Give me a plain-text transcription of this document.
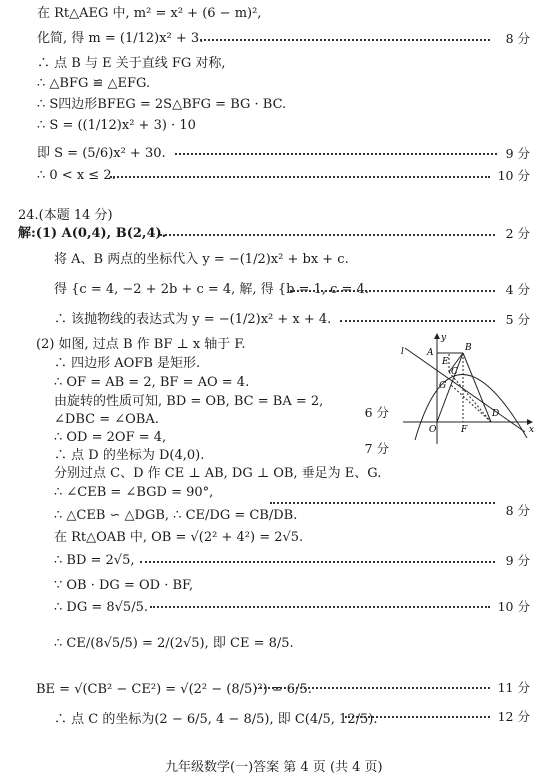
在 Rt△AEG 中, m² = x² + (6 − m)²,
化简, 得 m = (1/12)x² + 3.	8 分
∴ 点 B 与 E 关于直线 FG 对称,
∴ △BFG ≌ △EFG.
∴ S四边形BFEG = 2S△BFG = BG · BC.
∴ S = ((1/12)x² + 3) · 10
即 S = (5/6)x² + 30.	9 分
∴ 0 < x ≤ 2.	10 分
24.(本题 14 分)
解:(1) A(0,4), B(2,4).	2 分
将 A、B 两点的坐标代入 y = −(1/2)x² + bx + c.
得 {c = 4, −2 + 2b + c = 4, 解, 得 {b = 1, c = 4.	4 分
∴ 该抛物线的表达式为 y = −(1/2)x² + x + 4.	5 分
(2) 如图, 过点 B 作 BF ⊥ x 轴于 F.
∴ 四边形 AOFB 是矩形.
∴ OF = AB = 2, BF = AO = 4.
由旋转的性质可知, BD = OB, BC = BA = 2,
∠DBC = ∠OBA.	6 分
∴ OD = 2OF = 4,
∴ 点 D 的坐标为 D(4,0).	7 分
分别过点 C、D 作 CE ⊥ AB, DG ⊥ OB, 垂足为 E、G.
∴ ∠CEB = ∠BGD = 90°,
∴ △CEB ∽ △DGB, ∴ CE/DG = CB/DB.	8 分
在 Rt△OAB 中, OB = √(2² + 4²) = 2√5.
∴ BD = 2√5,	9 分
∵ OB · DG = OD · BF,
∴ DG = 8√5/5.	10 分
∴ CE/(8√5/5) = 2/(2√5), 即 CE = 8/5.
BE = √(CB² − CE²) = √(2² − (8/5)²) = 6/5.	11 分
∴ 点 C 的坐标为(2 − 6/5, 4 − 8/5), 即 C(4/5, 12/5).	12 分
y
x
l	A	B
E
C
G
O	F
D
九年级数学(一)答案 第 4 页 (共 4 页)
